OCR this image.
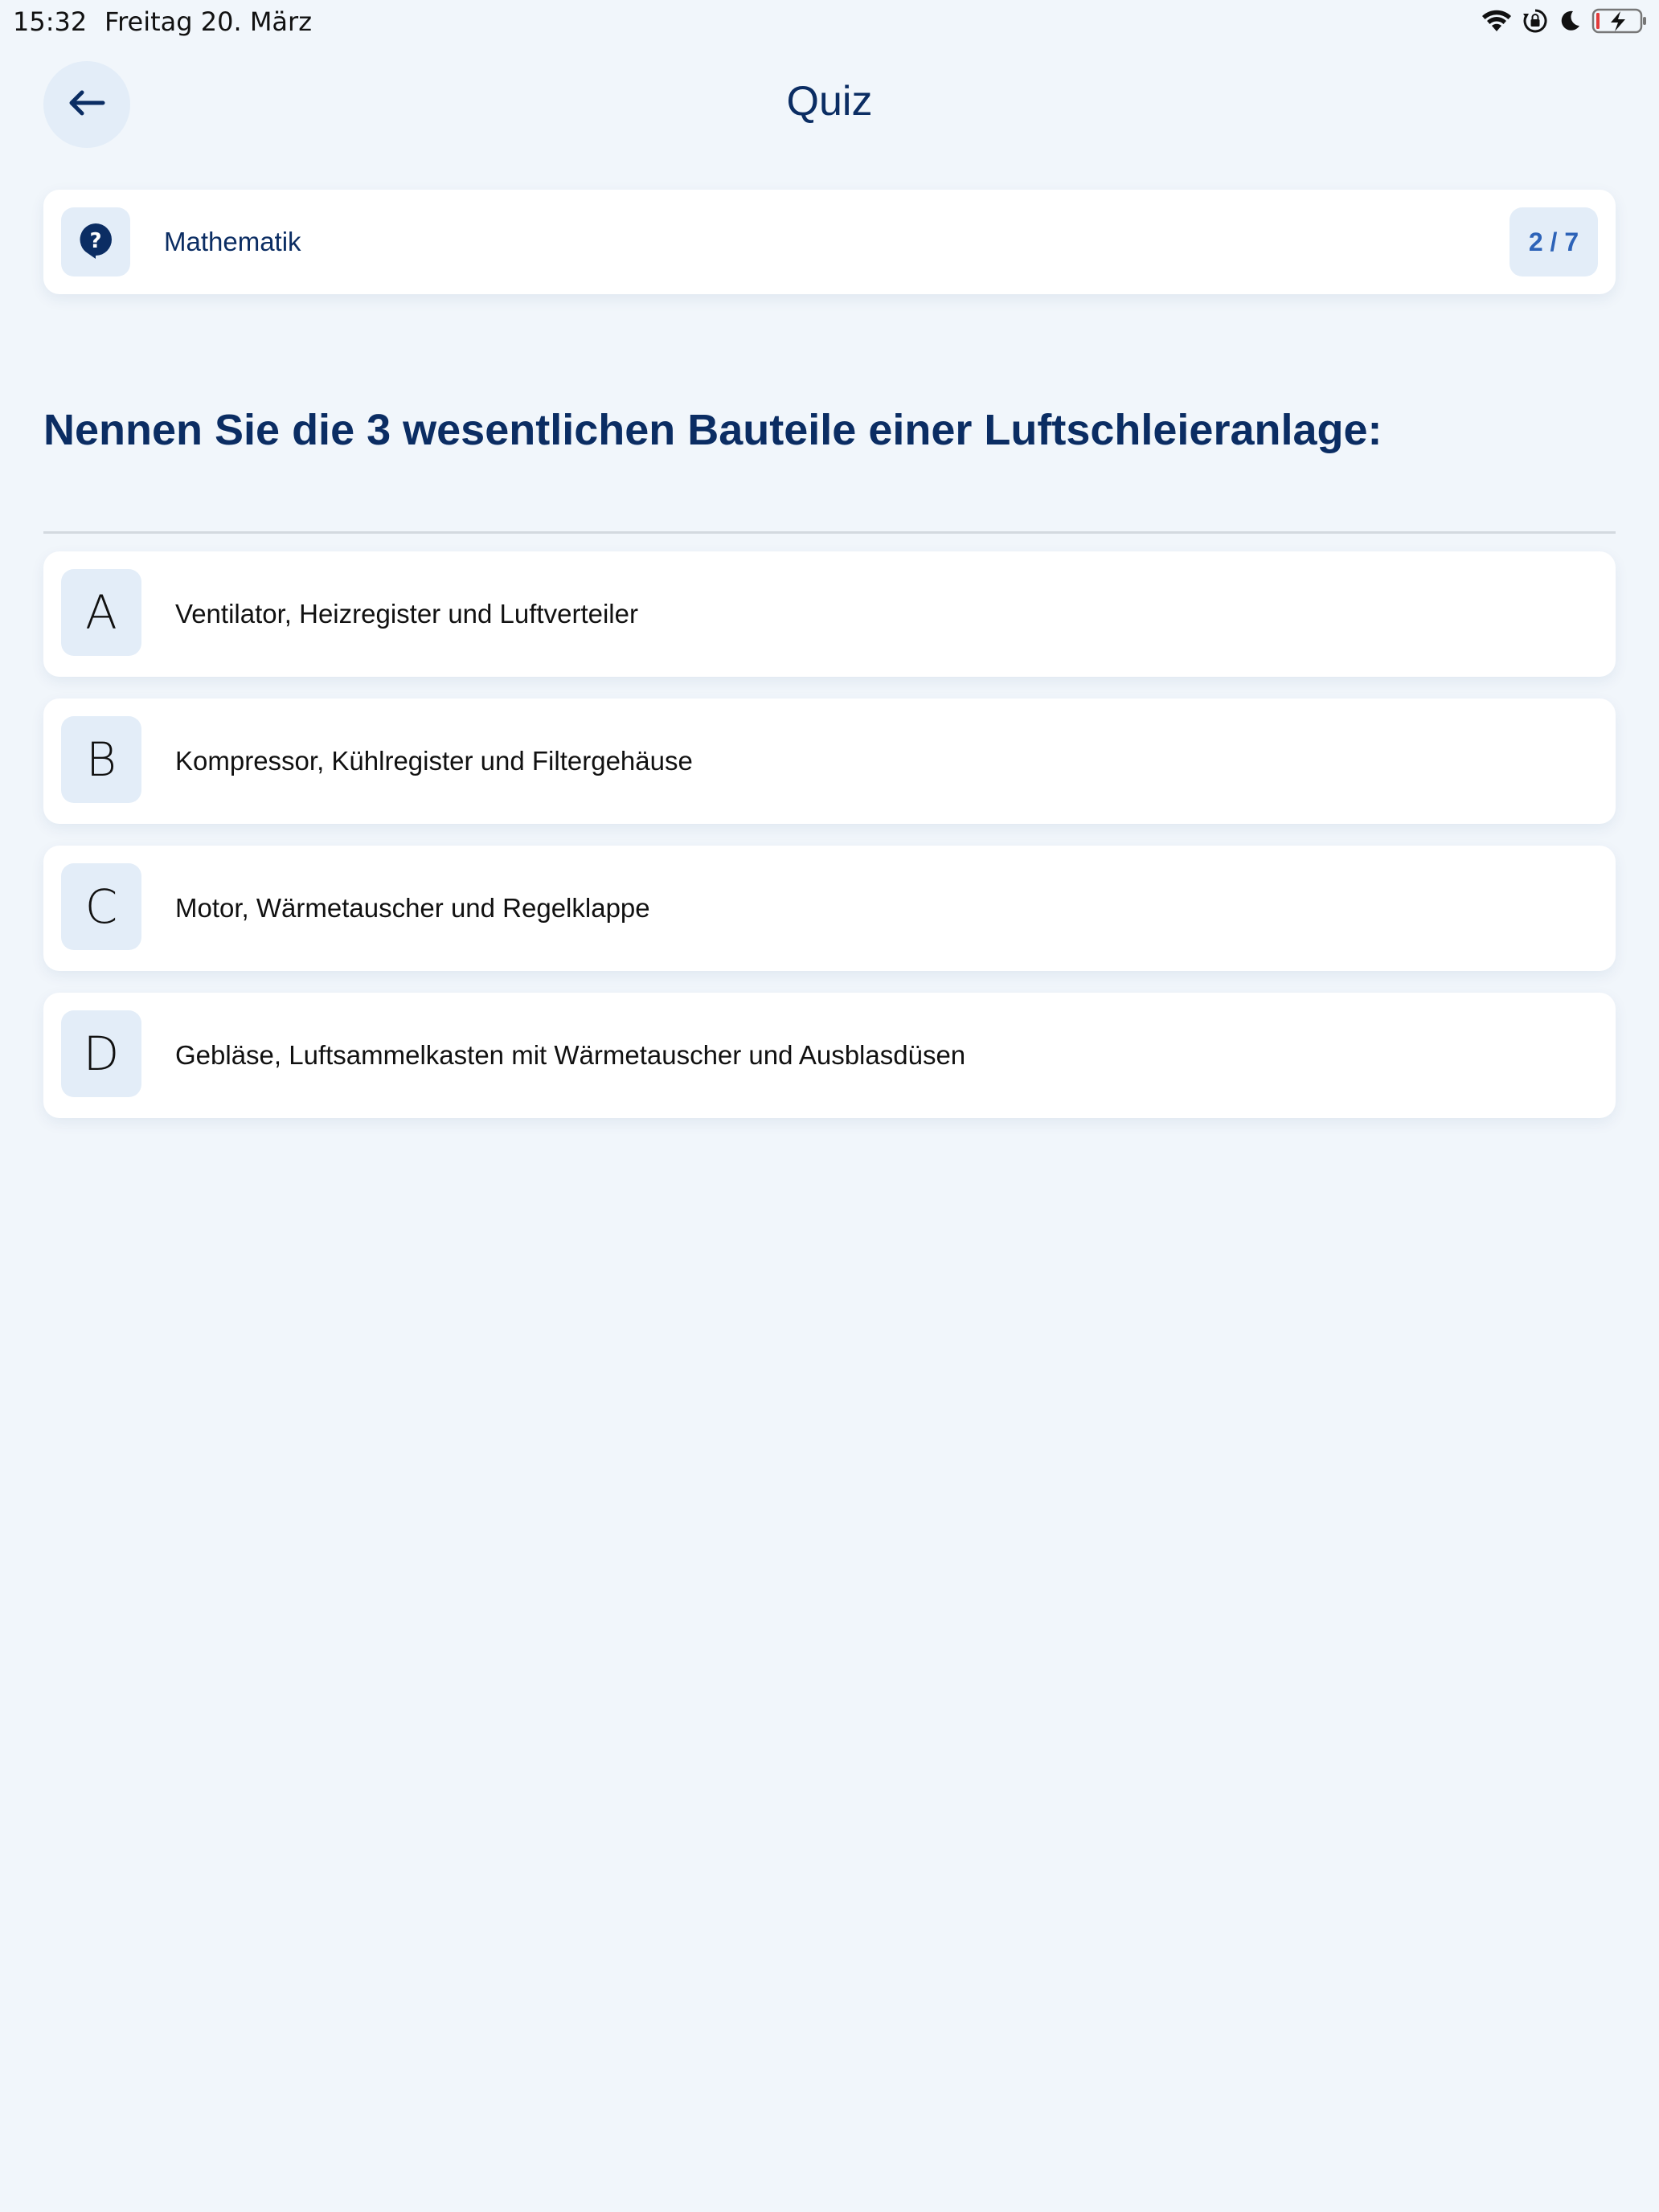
15:32 Freitag 20. März
Quiz
? Mathematik	2 / 7
Nennen Sie die 3 wesentlichen Bauteile einer Luftschleieranlage:
A	Ventilator, Heizregister und Luftverteiler
B	Kompressor, Kühlregister und Filtergehäuse
C	Motor, Wärmetauscher und Regelklappe
D	Gebläse, Luftsammelkasten mit Wärmetauscher und Ausblasdüsen
